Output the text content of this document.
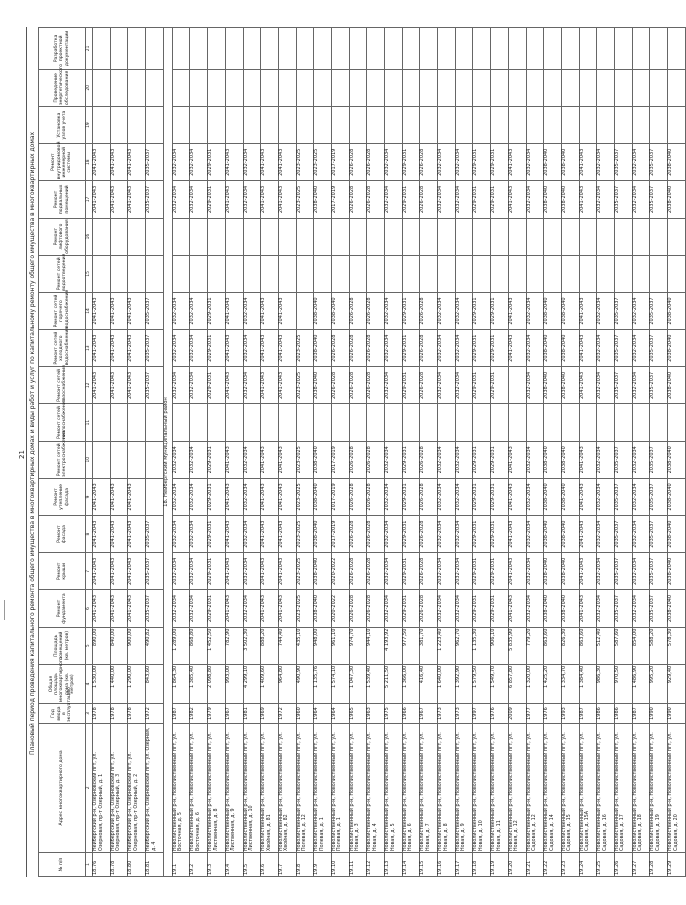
21 Плановый период проведения капитального ремонта общего имущества в многоквартирных домах и виды работ и услуг по капитальному ремонту общего имущества в многоквартирных домах
№ п/п	Адрес многоквартирного дома	Год ввода в эксплуатацию	Общая площадь многоквартирного дома (кв. метров)	Площадь помещений (кв. метров)	Ремонт фундамента	Ремонт крыши	Ремонт фасада	Ремонт утепление фасада	Ремонт сетей электроснабжения	Ремонт сетей теплоснабжения	Ремонт сетей газоснабжения	Ремонт сетей холодного водоснабжения	Ремонт сетей горячего водоснабжения	Ремонт сетей водоотведения	Ремонт лифтового оборудования	Ремонт подвальных помещений	Ремонт внутридомовой инженерной системы	Установка узлов учета	Проведение энергетического обследования	Разработка проектной документации
1	2	3	4	5	6	7	8	9	10	11	12	13	14	15	16	17	18	19	20	21
18.76	Нейбергский р-н, Озерновский пгт, ул. Озерновая, пр-т Озерный, д. 1	1978	1 530,00	890,00	2041-2043	2041-2043	2041-2043	2041-2043			2041-2043	2041-2043	2041-2043			2041-2043	2041-2043			
18.78	Нейбергский р-н, Озерновский пгт, ул. Озерновая, пр-т Озерный, д. 3	1978	1 440,00	840,00	2041-2043	2041-2043	2041-2043	2041-2043			2041-2043	2041-2043	2041-2043			2041-2043	2041-2043			
18.80	Нейбергский р-н, Озерновский пгт, ул. Озерновая, пр-т Озерный, д. 2	1978	1 290,00	900,00	2041-2043	2041-2043	2041-2043	2041-2043			2041-2043	2041-2043	2041-2043			2041-2043	2041-2043			
18.81	Нейбергский р-н, Озерновский пгт, ул. Озерная, д. 4	1972	843,60	490,82	2035-2037	2035-2037	2035-2037				2035-2037	2035-2037	2035-2037			2035-2037	2035-2037			
18. Нейбергский муниципальный район																				
19.1	Новолиственный р-н, Новолиственный пгт, ул. Восточная, д. 5	1987	1 864,30	1 289,00	2032-2034	2032-2034	2032-2034	2032-2034	2032-2034		2032-2034	2032-2034	2032-2034			2032-2034	2032-2034			
19.2	Новолиственный р-н, Новолиственный пгт, ул. Восточная, д. 6	1982	1 385,40	868,80	2032-2034	2032-2034	2032-2034	2032-2034	2032-2034		2032-2034	2032-2034	2032-2034			2032-2034	2032-2034			
19.3	Новолиственный р-н, Новолиственный пгт, ул. Лиственная, д. 8	1979	2 098,80	1 452,50	2029-2031	2029-2031	2029-2031	2029-2031	2029-2031		2029-2031	2029-2031	2029-2031			2029-2031	2029-2031			
19.4	Новолиственный р-н, Новолиственный пгт, ул. Лиственная, д. 9	1967	993,00	782,90	2041-2043	2041-2043	2041-2043	2041-2043	2041-2043		2041-2043	2041-2043	2041-2043			2041-2043	2041-2043			
19.5	Новолиственный р-н, Новолиственный пгт, ул. Лиственная, д. 10	1981	4 299,10	3 502,30	2032-2034	2032-2034	2032-2034	2032-2034	2032-2034		2032-2034	2032-2034	2032-2034			2032-2034	2032-2034			
19.6	Новолиственный р-н, Новолиственный пгт, ул. Хвойная, д. 81	1969	1 409,60	888,20	2041-2043	2041-2043	2041-2043	2041-2043	2041-2043		2041-2043	2041-2043	2041-2043			2041-2043	2041-2043			
19.7	Новолиственный р-н, Новолиственный пгт, ул. Хвойная, д. 82	1972	964,80	744,40	2041-2043	2041-2043	2041-2043	2041-2043	2041-2043		2041-2043	2041-2043	2041-2043			2041-2043	2041-2043			
19.8	Новолиственный р-н, Новолиственный пгт, ул. Полевая, д. 12	1960	490,90	435,10	2023-2025	2023-2025	2023-2025	2023-2025	2023-2025		2023-2025	2023-2025				2023-2025	2023-2025			
19.9	Новолиственный р-н, Новолиственный пгт, ул. Полевая, д. 1	1964	1 135,76	948,00	2038-2040	2038-2040	2038-2040	2038-2040	2038-2040		2038-2040	2038-2040	2038-2040			2038-2040	2023-2025			
19.10	Новолиственный р-н, Новолиственный пгт, ул. Полевая, д. 1	1964	1 574,10	961,10	2020-2022	2020-2022	2017-2019	2017-2019	2017-2019		2026-2028	2026-2028	2038-2040			2017-2019	2017-2019			
19.11	Новолиственный р-н, Новолиственный пгт, ул. Новая, д. 3	1965	1 047,30	974,70	2026-2028	2026-2028	2026-2028	2026-2028	2026-2028		2026-2028	2026-2028	2026-2028			2026-2028	2026-2028			
19.12	Новолиственный р-н, Новолиственный пгт, ул. Новая, д. 4	1963	1 539,40	944,10	2026-2028	2026-2028	2026-2028	2026-2028	2026-2028		2026-2028	2026-2028	2026-2028			2026-2028	2026-2028			
19.13	Новолиственный р-н, Новолиственный пгт, ул. Новая, д. 5	1975	5 211,50	4 193,92	2032-2034	2032-2034	2032-2034	2032-2034	2032-2034		2032-2034	2032-2034	2032-2034			2032-2034	2032-2034			
19.14	Новолиственный р-н, Новолиственный пгт, ул. Новая, д. 6	1966	1 366,00	977,50	2029-2031	2029-2031	2029-2031	2029-2031	2029-2031		2029-2031	2029-2031	2029-2031			2029-2031	2029-2031			
19.15	Новолиственный р-н, Новолиственный пгт, ул. Новая, д. 7	1967	416,40	381,70	2026-2028	2026-2028	2026-2028	2026-2028	2026-2028		2026-2028	2026-2028	2026-2028			2026-2028	2026-2028			
19.16	Новолиственный р-н, Новолиственный пгт, ул. Новая, д. 8	1973	1 640,00	1 223,40	2032-2034	2032-2034	2032-2034	2032-2034	2032-2034		2032-2034	2032-2034	2032-2034			2032-2034	2032-2034			
19.17	Новолиственный р-н, Новолиственный пгт, ул. Новая, д. 9	1973	1 392,90	962,70	2032-2034	2032-2034	2032-2034	2032-2034	2032-2034		2032-2034	2032-2034	2032-2034			2032-2034	2032-2034			
19.18	Новолиственный р-н, Новолиственный пгт, ул. Новая, д. 10	1997	1 579,50	1 135,30	2029-2031	2029-2031	2029-2031	2029-2031	2029-2031		2029-2031	2029-2031	2029-2031			2029-2031	2029-2031			
19.19	Новолиственный р-н, Новолиственный пгт, ул. Новая, д. 11	1976	1 549,70	906,10	2029-2031	2029-2031	2029-2031	2029-2031	2029-2031		2029-2031	2029-2031	2029-2031			2029-2031	2029-2031			
19.20	Новолиственный р-н, Новолиственный пгт, ул. Новая, д. 12	2009	6 857,80	5 835,90	2041-2043	2041-2043	2041-2043	2041-2043	2041-2043			2041-2043	2041-2043			2041-2043	2041-2043			
19.21	Новолиственный р-н, Новолиственный пгт, ул. Садовая, д. 12	1977	1 320,00	779,20	2032-2034	2032-2034	2032-2034	2032-2034	2032-2034		2032-2034	2032-2034	2032-2034			2032-2034	2032-2034			
19.22	Новолиственный р-н, Новолиственный пгт, ул. Садовая, д. 14	1976	1 425,20	863,60	2038-2040	2038-2040	2038-2040	2038-2040	2038-2040		2038-2040	2038-2040	2038-2040			2038-2040	2038-2040			
19.23	Новолиственный р-н, Новолиственный пгт, ул. Садовая, д. 15	1993	1 334,70	826,30	2038-2040	2038-2040	2038-2040	2038-2040	2038-2040		2038-2040	2038-2040	2038-2040			2038-2040	2038-2040			
19.24	Новолиственный р-н, Новолиственный пгт, ул. Садовая, д. 15А	1987	1 384,40	863,60	2041-2043	2041-2043	2041-2043	2041-2043	2041-2043		2041-2043	2041-2043	2041-2043			2041-2043	2041-2043			
19.25	Новолиственный р-н, Новолиственный пгт, ул. Садовая, д. 16	1986	986,30	512,40	2032-2034	2032-2034	2032-2034	2032-2034	2032-2034		2032-2034	2032-2034	2032-2034			2032-2034	2032-2034			
19.26	Новолиственный р-н, Новолиственный пгт, ул. Садовая, д. 17	1986	970,50	587,60	2035-2037	2035-2037	2035-2037	2035-2037	2035-2037		2035-2037	2035-2037	2035-2037			2035-2037	2035-2037			
19.27	Новолиственный р-н, Новолиственный пгт, ул. Садовая, д. 18	1987	1 486,90	854,00	2032-2034	2032-2034	2032-2034	2032-2034	2032-2034		2032-2034	2032-2034	2032-2034			2032-2034	2032-2034			
19.28	Новолиственный р-н, Новолиственный пгт, ул. Садовая, д. 19	1990	995,20	588,20	2035-2037	2035-2037	2035-2037	2035-2037	2035-2037		2035-2037	2035-2037	2035-2037			2035-2037	2035-2037			
19.29	Новолиственный р-н, Новолиственный пгт, ул. Садовая, д. 20	1990	929,40	578,30	2038-2040	2038-2040	2038-2040	2038-2040	2038-2040		2038-2040	2038-2040	2038-2040			2038-2040	2038-2040			
